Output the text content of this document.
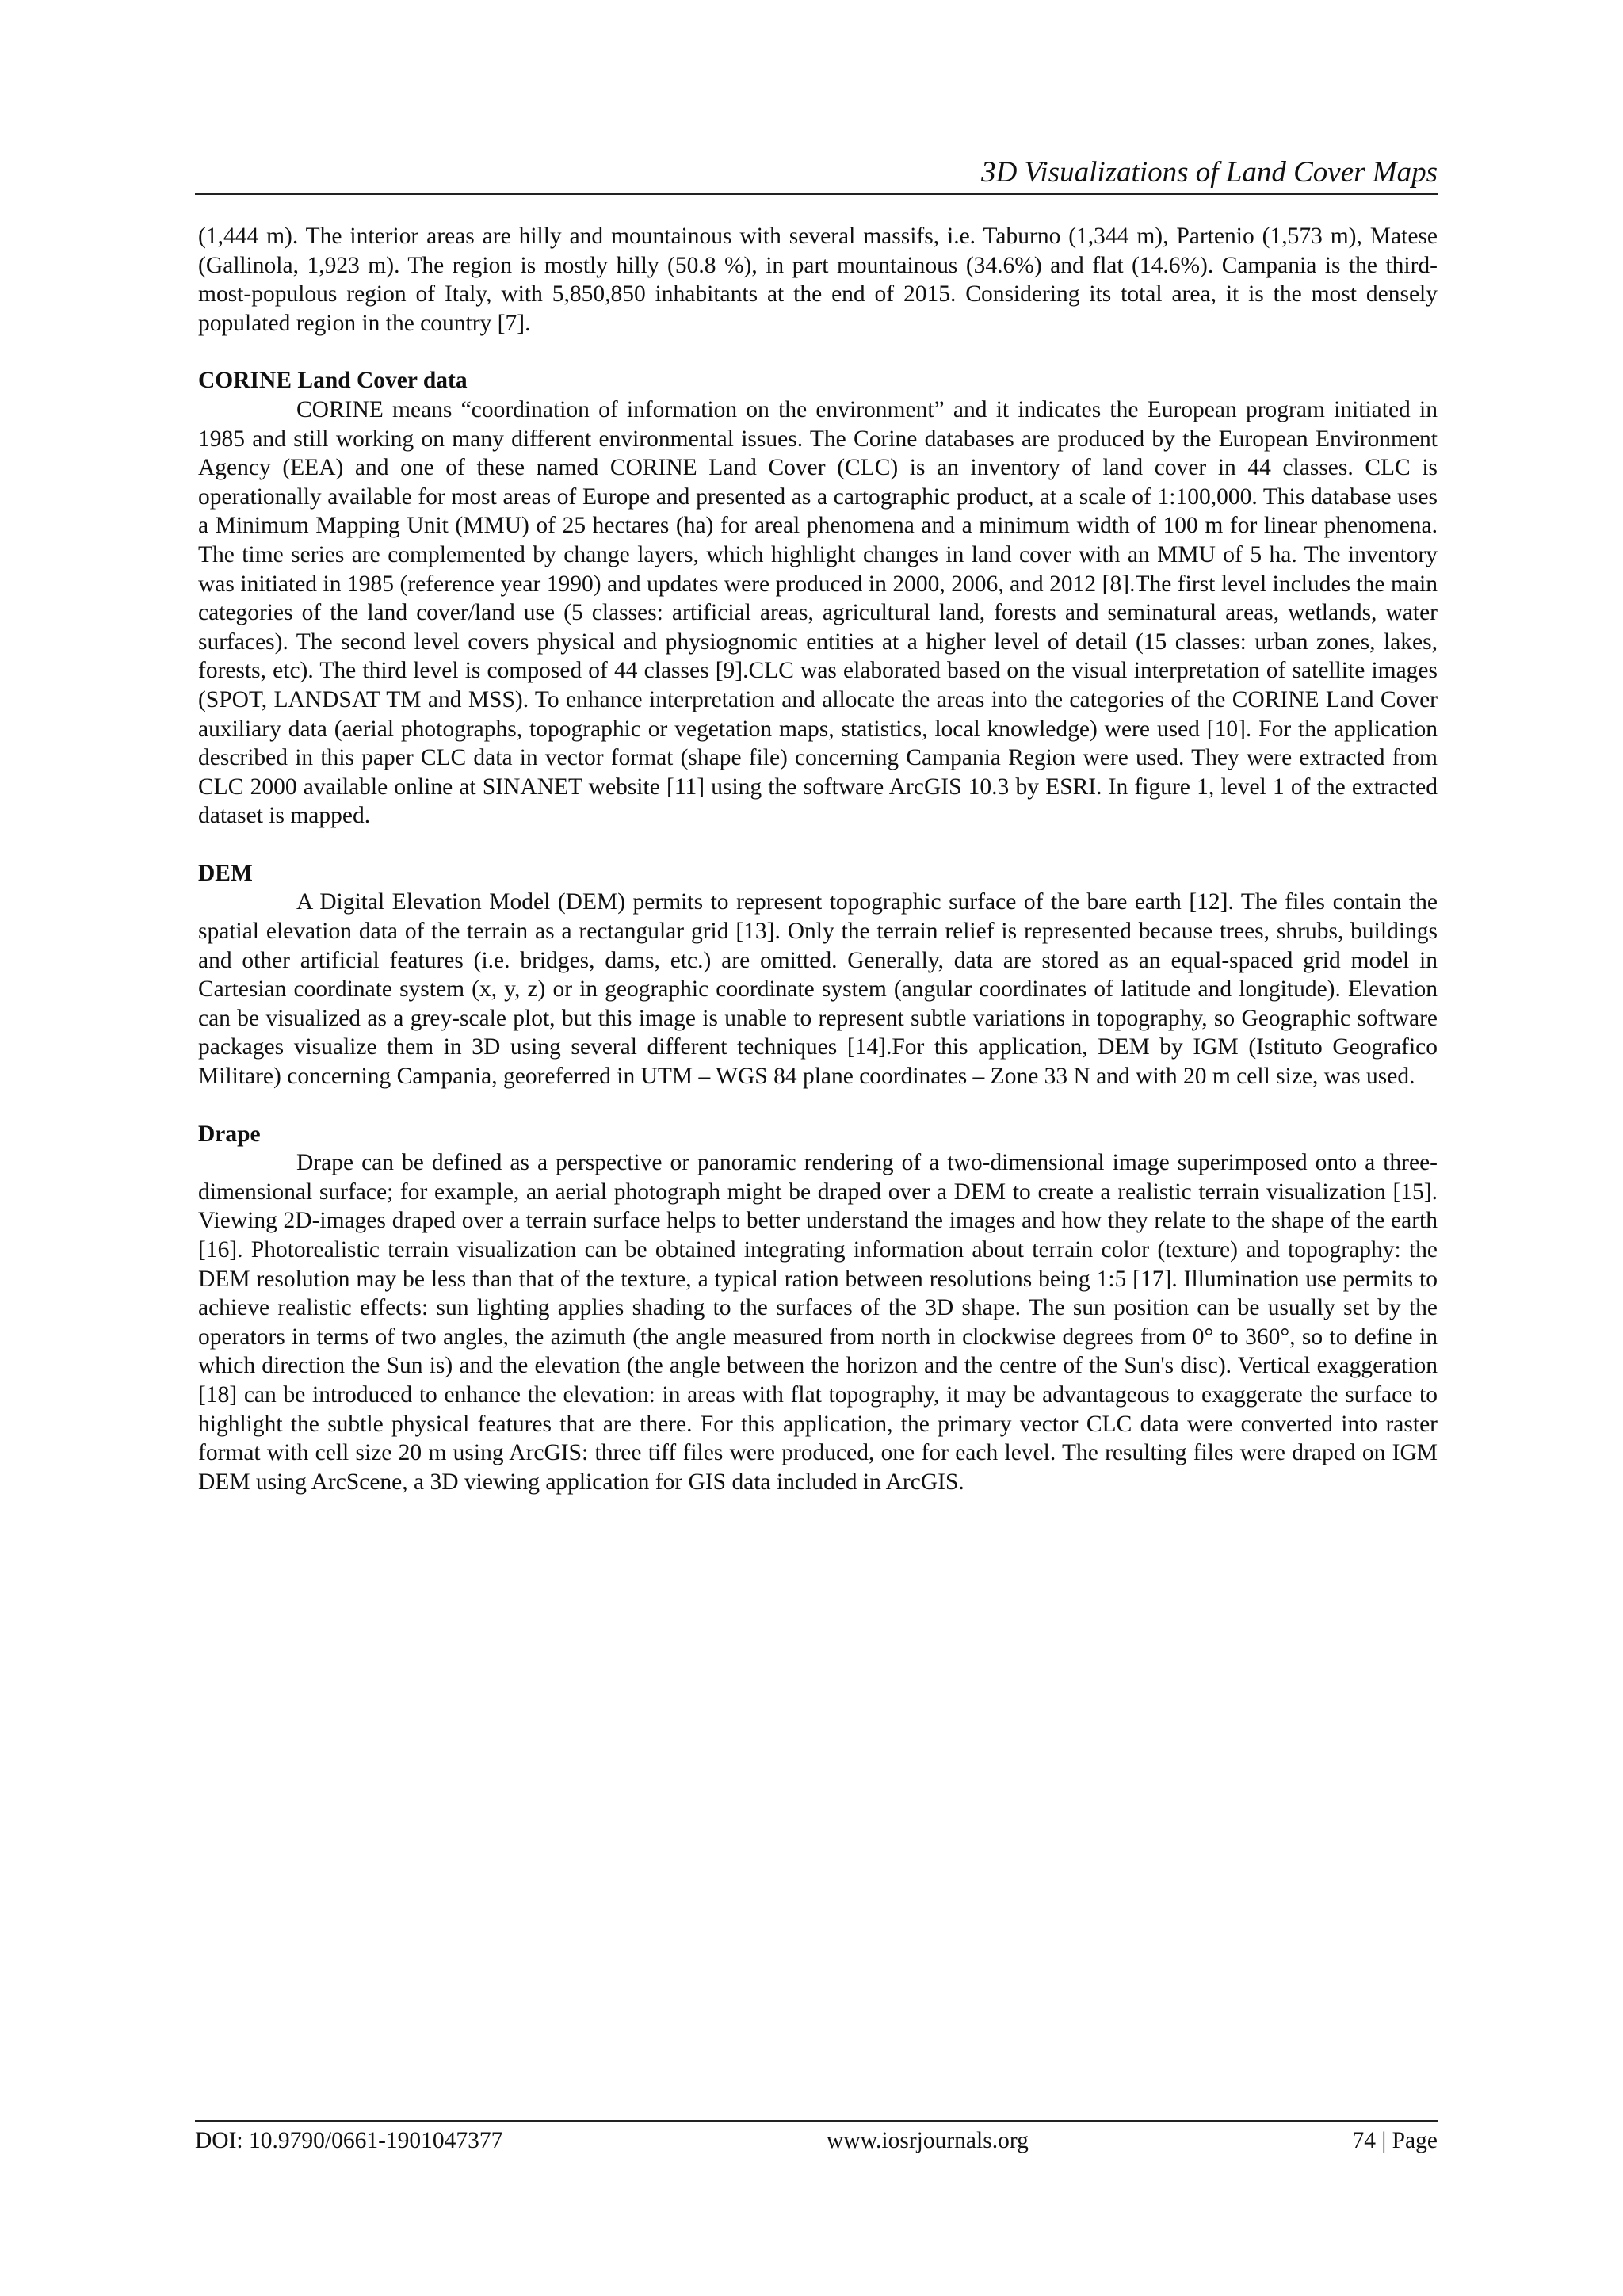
3D Visualizations of Land Cover Maps

(1,444 m). The interior areas are hilly and mountainous with several massifs, i.e. Taburno (1,344 m), Partenio (1,573 m), Matese (Gallinola, 1,923 m). The region is mostly hilly (50.8 %), in part mountainous (34.6%) and flat (14.6%). Campania is the third-most-populous region of Italy, with 5,850,850 inhabitants at the end of 2015. Considering its total area, it is the most densely populated region in the country [7].

CORINE Land Cover data

CORINE means “coordination of information on the environment” and it indicates the European program initiated in 1985 and still working on many different environmental issues. The Corine databases are produced by the European Environment Agency (EEA) and one of these named CORINE Land Cover (CLC) is an inventory of land cover in 44 classes. CLC is operationally available for most areas of Europe and presented as a cartographic product, at a scale of 1:100,000. This database uses a Minimum Mapping Unit (MMU) of 25 hectares (ha) for areal phenomena and a minimum width of 100 m for linear phenomena. The time series are complemented by change layers, which highlight changes in land cover with an MMU of 5 ha. The inventory was initiated in 1985 (reference year 1990) and updates were produced in 2000, 2006, and 2012 [8].The first level includes the main categories of the land cover/land use (5 classes: artificial areas, agricultural land, forests and seminatural areas, wetlands, water surfaces). The second level covers physical and physiognomic entities at a higher level of detail (15 classes: urban zones, lakes, forests, etc). The third level is composed of 44 classes [9].CLC was elaborated based on the visual interpretation of satellite images (SPOT, LANDSAT TM and MSS). To enhance interpretation and allocate the areas into the categories of the CORINE Land Cover auxiliary data (aerial photographs, topographic or vegetation maps, statistics, local knowledge) were used [10]. For the application described in this paper CLC data in vector format (shape file) concerning Campania Region were used. They were extracted from CLC 2000 available online at SINANET website [11] using the software ArcGIS 10.3 by ESRI. In figure 1, level 1 of the extracted dataset is mapped.

DEM

A Digital Elevation Model (DEM) permits to represent topographic surface of the bare earth [12]. The files contain the spatial elevation data of the terrain as a rectangular grid [13]. Only the terrain relief is represented because trees, shrubs, buildings and other artificial features (i.e. bridges, dams, etc.) are omitted. Generally, data are stored as an equal-spaced grid model in Cartesian coordinate system (x, y, z) or in geographic coordinate system (angular coordinates of latitude and longitude). Elevation can be visualized as a grey-scale plot, but this image is unable to represent subtle variations in topography, so Geographic software packages visualize them in 3D using several different techniques [14].For this application, DEM by IGM (Istituto Geografico Militare) concerning Campania, georeferred in UTM – WGS 84 plane coordinates – Zone 33 N and with 20 m cell size, was used.

Drape

Drape can be defined as a perspective or panoramic rendering of a two-dimensional image superimposed onto a three-dimensional surface; for example, an aerial photograph might be draped over a DEM to create a realistic terrain visualization [15]. Viewing 2D-images draped over a terrain surface helps to better understand the images and how they relate to the shape of the earth [16]. Photorealistic terrain visualization can be obtained integrating information about terrain color (texture) and topography: the DEM resolution may be less than that of the texture, a typical ration between resolutions being 1:5 [17]. Illumination use permits to achieve realistic effects: sun lighting applies shading to the surfaces of the 3D shape. The sun position can be usually set by the operators in terms of two angles, the azimuth (the angle measured from north in clockwise degrees from 0° to 360°, so to define in which direction the Sun is) and the elevation (the angle between the horizon and the centre of the Sun's disc). Vertical exaggeration [18] can be introduced to enhance the elevation: in areas with flat topography, it may be advantageous to exaggerate the surface to highlight the subtle physical features that are there. For this application, the primary vector CLC data were converted into raster format with cell size 20 m using ArcGIS: three tiff files were produced, one for each level. The resulting files were draped on IGM DEM using ArcScene, a 3D viewing application for GIS data included in ArcGIS.

DOI: 10.9790/0661-1901047377	www.iosrjournals.org	74 | Page
